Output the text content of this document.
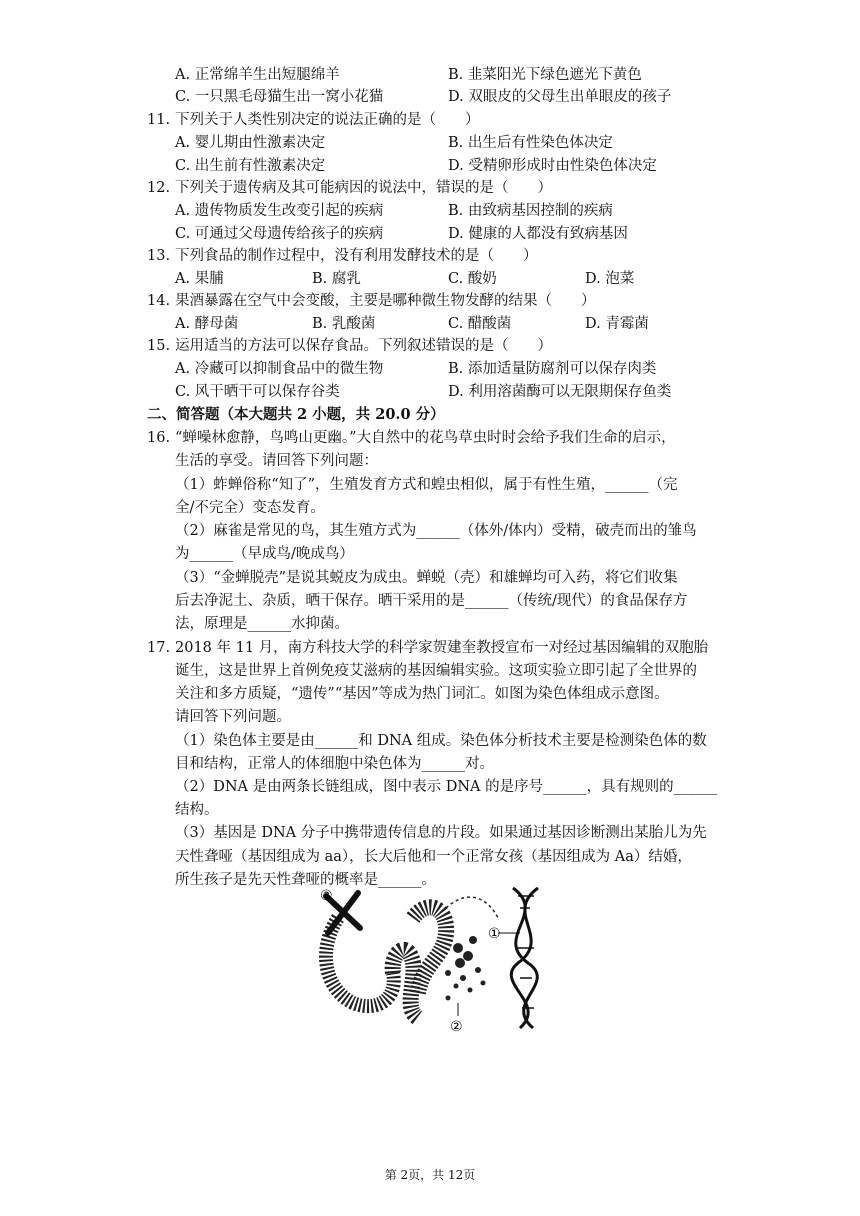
A. 正常绵羊生出短腿绵羊	B. 韭菜阳光下绿色遮光下黄色
C. 一只黑毛母猫生出一窝小花猫	D. 双眼皮的父母生出单眼皮的孩子
11. 下列关于人类性别决定的说法正确的是（　　）
A. 婴儿期由性激素决定	B. 出生后有性染色体决定
C. 出生前有性激素决定	D. 受精卵形成时由性染色体决定
12. 下列关于遗传病及其可能病因的说法中，错误的是（　　）
A. 遗传物质发生改变引起的疾病	B. 由致病基因控制的疾病
C. 可通过父母遗传给孩子的疾病	D. 健康的人都没有致病基因
13. 下列食品的制作过程中，没有利用发酵技术的是（　　）
A. 果脯	B. 腐乳	C. 酸奶	D. 泡菜
14. 果酒暴露在空气中会变酸，主要是哪种微生物发酵的结果（　　）
A. 酵母菌	B. 乳酸菌	C. 醋酸菌	D. 青霉菌
15. 运用适当的方法可以保存食品。下列叙述错误的是（　　）
A. 冷藏可以抑制食品中的微生物	B. 添加适量防腐剂可以保存肉类
C. 风干晒干可以保存谷类	D. 利用溶菌酶可以无限期保存鱼类
二、简答题（本大题共 2 小题，共 20.0 分）
16. “蝉噪林愈静，鸟鸣山更幽。”大自然中的花鸟草虫时时会给予我们生命的启示，
生活的享受。请回答下列问题：
（1）蚱蝉俗称“知了”，生殖发育方式和蝗虫相似，属于有性生殖，______（完
全/不完全）变态发育。
（2）麻雀是常见的鸟，其生殖方式为______（体外/体内）受精，破壳而出的雏鸟
为______（早成鸟/晚成鸟）
（3）“金蝉脱壳”是说其蜕皮为成虫。蝉蜕（壳）和雄蝉均可入药，将它们收集
后去净泥土、杂质，晒干保存。晒干采用的是______（传统/现代）的食品保存方
法，原理是______水抑菌。
17. 2018 年 11 月，南方科技大学的科学家贺建奎教授宣布一对经过基因编辑的双胞胎
诞生，这是世界上首例免疫艾滋病的基因编辑实验。这项实验立即引起了全世界的
关注和多方质疑，“遗传”“基因”等成为热门词汇。如图为染色体组成示意图。
请回答下列问题。
（1）染色体主要是由______和 DNA 组成。染色体分析技术主要是检测染色体的数
目和结构，正常人的体细胞中染色体为______对。
（2）DNA 是由两条长链组成，图中表示 DNA 的是序号______，具有规则的______
结构。
（3）基因是 DNA 分子中携带遗传信息的片段。如果通过基因诊断测出某胎儿为先
天性聋哑（基因组成为 aa），长大后他和一个正常女孩（基因组成为 Aa）结婚，
所生孩子是先天性聋哑的概率是______。
①
②
③
第 2页，共 12页
